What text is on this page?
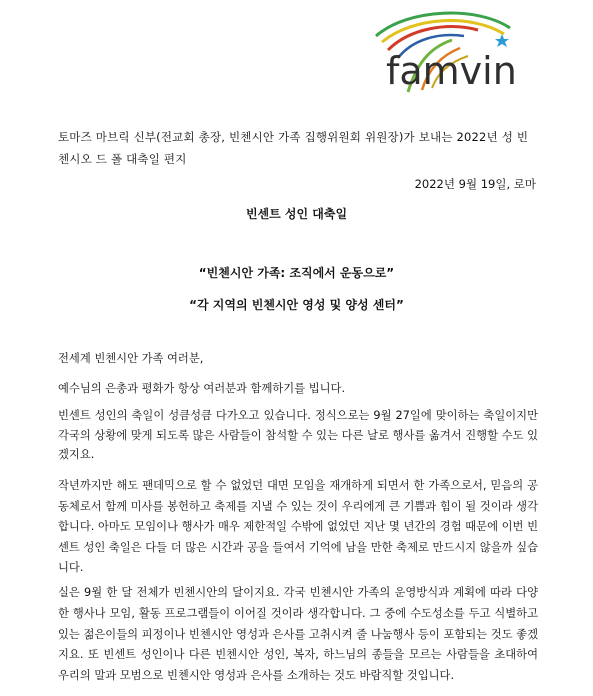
famvin
토마즈 마브릭 신부(전교회 총장, 빈첸시안 가족 집행위원회 위원장)가 보내는 2022년 성 빈첸시오 드 폴 대축일 편지
2022년 9월 19일, 로마
빈센트 성인 대축일
“빈첸시안 가족: 조직에서 운동으로”
“각 지역의 빈첸시안 영성 및 양성 센터”

전세계 빈첸시안 가족 여러분,

예수님의 은총과 평화가 항상 여러분과 함께하기를 빕니다.

빈센트 성인의 축일이 성큼성큼 다가오고 있습니다. 정식으로는 9월 27일에 맞이하는 축일이지만 각국의 상황에 맞게 되도록 많은 사람들이 참석할 수 있는 다른 날로 행사를 옮겨서 진행할 수도 있겠지요.

작년까지만 해도 팬데믹으로 할 수 없었던 대면 모임을 재개하게 되면서 한 가족으로서, 믿음의 공동체로서 함께 미사를 봉헌하고 축제를 지낼 수 있는 것이 우리에게 큰 기쁨과 힘이 될 것이라 생각합니다. 아마도 모임이나 행사가 매우 제한적일 수밖에 없었던 지난 몇 년간의 경험 때문에 이번 빈센트 성인 축일은 다들 더 많은 시간과 공을 들여서 기억에 남을 만한 축제로 만드시지 않을까 싶습니다.

실은 9월 한 달 전체가 빈첸시안의 달이지요. 각국 빈첸시안 가족의 운영방식과 계획에 따라 다양한 행사나 모임, 활동 프로그램들이 이어질 것이라 생각합니다. 그 중에 수도성소를 두고 식별하고 있는 젊은이들의 피정이나 빈첸시안 영성과 은사를 고취시켜 줄 나눔행사 등이 포함되는 것도 좋겠지요. 또 빈센트 성인이나 다른 빈첸시안 성인, 복자, 하느님의 종들을 모르는 사람들을 초대하여 우리의 말과 모범으로 빈첸시안 영성과 은사를 소개하는 것도 바람직할 것입니다.
